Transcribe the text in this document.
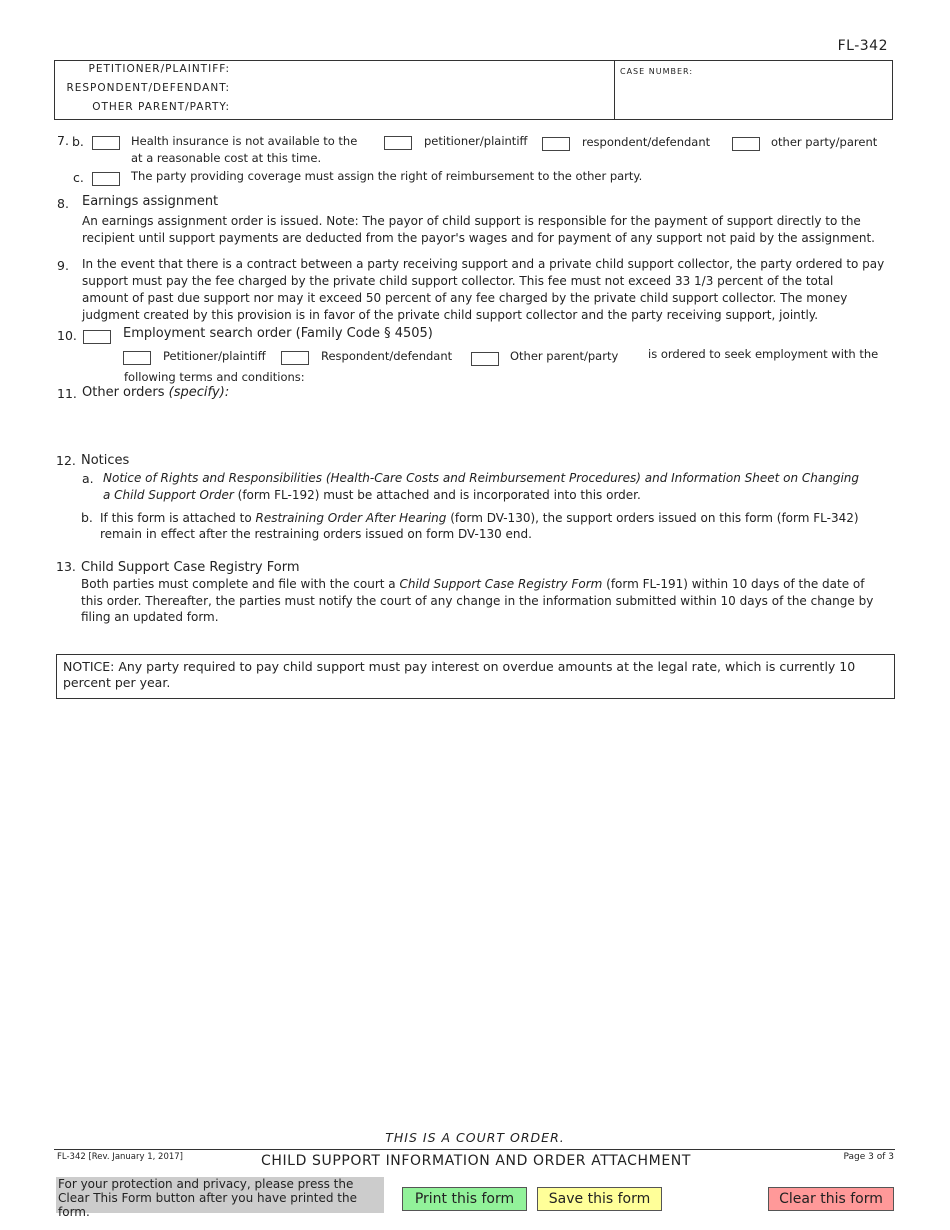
FL-342
PETITIONER/PLAINTIFF:
RESPONDENT/DEFENDANT:
OTHER PARENT/PARTY:
CASE NUMBER:
7. b.	Health insurance is not available to the	petitioner/plaintiff	respondent/defendant	other party/parent
at a reasonable cost at this time.
c.	The party providing coverage must assign the right of reimbursement to the other party.
8. Earnings assignment
An earnings assignment order is issued. Note: The payor of child support is responsible for the payment of support directly to the
recipient until support payments are deducted from the payor's wages and for payment of any support not paid by the assignment.
9. In the event that there is a contract between a party receiving support and a private child support collector, the party ordered to pay
support must pay the fee charged by the private child support collector. This fee must not exceed 33 1/3 percent of the total
amount of past due support nor may it exceed 50 percent of any fee charged by the private child support collector. The money
judgment created by this provision is in favor of the private child support collector and the party receiving support, jointly.
10.	Employment search order (Family Code § 4505)
Petitioner/plaintiff	Respondent/defendant	Other parent/party	is ordered to seek employment with the
following terms and conditions:
11. Other orders (specify):
12. Notices
a. Notice of Rights and Responsibilities (Health-Care Costs and Reimbursement Procedures) and Information Sheet on Changing
a Child Support Order (form FL-192) must be attached and is incorporated into this order.
b. If this form is attached to Restraining Order After Hearing (form DV-130), the support orders issued on this form (form FL-342)
remain in effect after the restraining orders issued on form DV-130 end.
13. Child Support Case Registry Form
Both parties must complete and file with the court a Child Support Case Registry Form (form FL-191) within 10 days of the date of
this order. Thereafter, the parties must notify the court of any change in the information submitted within 10 days of the change by
filing an updated form.
NOTICE: Any party required to pay child support must pay interest on overdue amounts at the legal rate, which is currently 10 percent per year.
THIS IS A COURT ORDER.
FL-342 [Rev. January 1, 2017]	CHILD SUPPORT INFORMATION AND ORDER ATTACHMENT	Page 3 of 3
For your protection and privacy, please press the Clear This Form button after you have printed the form.
Print this form	Save this form	Clear this form
